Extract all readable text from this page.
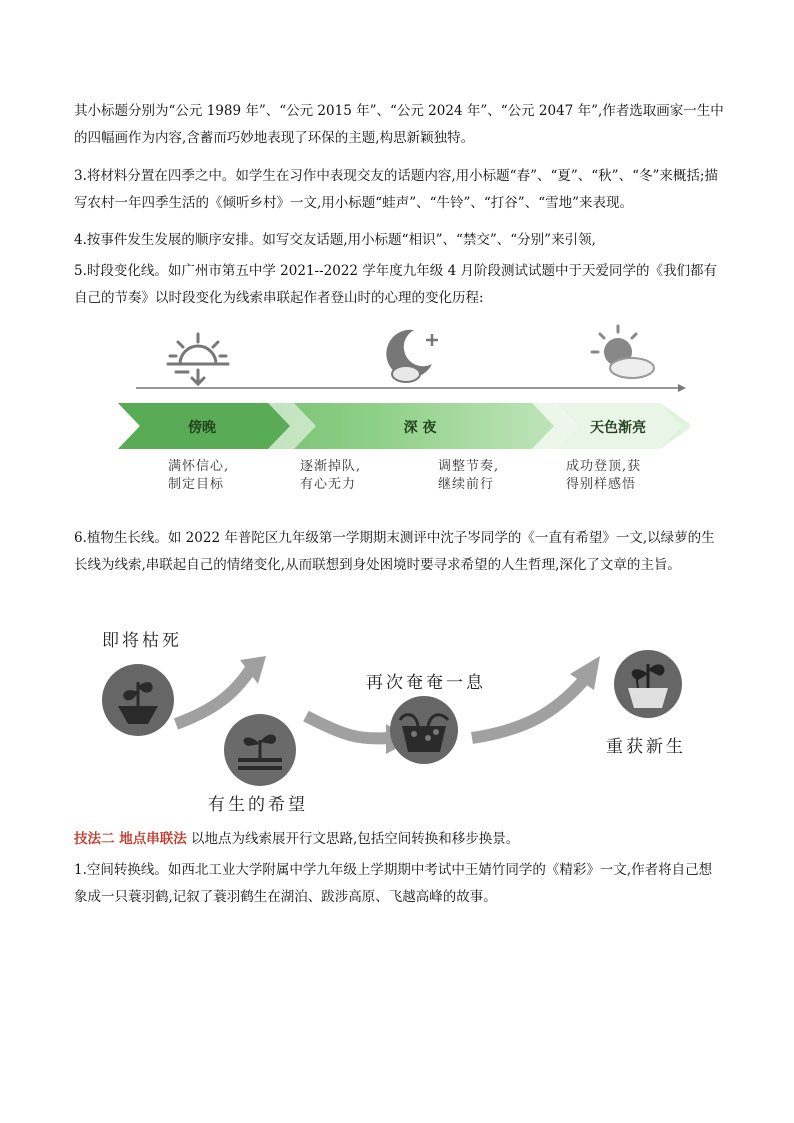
其小标题分别为“公元 1989 年”、“公元 2015 年”、“公元 2024 年”、“公元 2047 年”,作者选取画家一生中的四幅画作为内容,含蓄而巧妙地表现了环保的主题,构思新颖独特。

3.将材料分置在四季之中。如学生在习作中表现交友的话题内容,用小标题“春”、“夏”、“秋”、“冬”来概括;描写农村一年四季生活的《倾听乡村》一文,用小标题“蛙声”、“牛铃”、“打谷”、“雪地”来表现。

4.按事件发生发展的顺序安排。如写交友话题,用小标题“相识”、“禁交”、“分别”来引领,

5.时段变化线。如广州市第五中学 2021--2022 学年度九年级 4 月阶段测试试题中于天爱同学的《我们都有自己的节奏》以时段变化为线索串联起作者登山时的心理的变化历程:

傍晚	深 夜	天色渐亮
满怀信心,
制定目标
逐渐掉队,
有心无力
调整节奏,
继续前行
成功登顶,获
得别样感悟

6.植物生长线。如 2022 年普陀区九年级第一学期期末测评中沈子岑同学的《一直有希望》一文,以绿萝的生长线为线索,串联起自己的情绪变化,从而联想到身处困境时要寻求希望的人生哲理,深化了文章的主旨。

即将枯死
有生的希望
再次奄奄一息
重获新生

技法二 地点串联法 以地点为线索展开行文思路,包括空间转换和移步换景。

1.空间转换线。如西北工业大学附属中学九年级上学期期中考试中王婧竹同学的《精彩》一文,作者将自己想象成一只蓑羽鹤,记叙了蓑羽鹤生在湖泊、跋涉高原、飞越高峰的故事。
